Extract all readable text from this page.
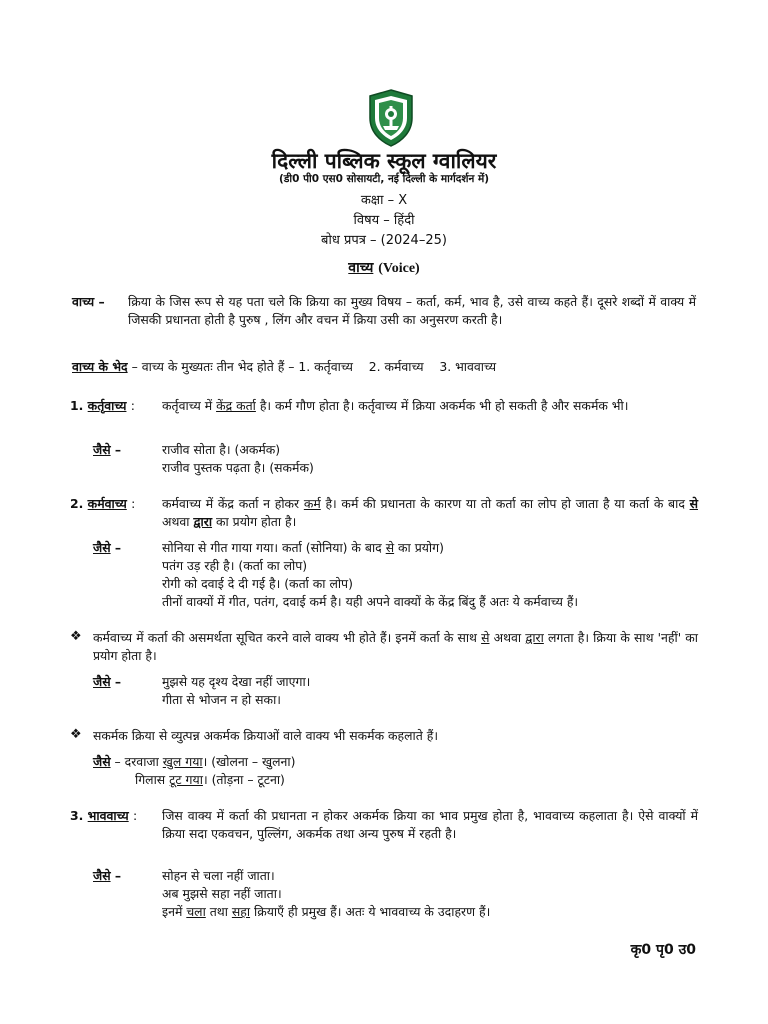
दिल्ली पब्लिक स्कूल ग्वालियर
(डी0 पी0 एस0 सोसायटी, नई दिल्ली के मार्गदर्शन में)
कक्षा – X
विषय – हिंदी
बोध प्रपत्र – (2024–25)
वाच्य (Voice)
वाच्य – क्रिया के जिस रूप से यह पता चले कि क्रिया का मुख्य विषय – कर्ता, कर्म, भाव है, उसे वाच्य कहते हैं। दूसरे शब्दों में वाक्य में जिसकी प्रधानता होती है पुरुष , लिंग और वचन में क्रिया उसी का अनुसरण करती है।
वाच्य के भेद – वाच्य के मुख्यतः तीन भेद होते हैं – 1. कर्तृवाच्य    2. कर्मवाच्य    3. भाववाच्य
1. कर्तृवाच्य : कर्तृवाच्य में केंद्र कर्ता है। कर्म गौण होता है। कर्तृवाच्य में क्रिया अकर्मक भी हो सकती है और सकर्मक भी।
जैसे –	राजीव सोता है। (अकर्मक)
राजीव पुस्तक पढ़ता है। (सकर्मक)
2. कर्मवाच्य : कर्मवाच्य में केंद्र कर्ता न होकर कर्म है। कर्म की प्रधानता के कारण या तो कर्ता का लोप हो जाता है या कर्ता के बाद से अथवा द्वारा का प्रयोग होता है।
जैसे –	सोनिया से गीत गाया गया। कर्ता (सोनिया) के बाद से का प्रयोग)
पतंग उड़ रही है। (कर्ता का लोप)
रोगी को दवाई दे दी गई है। (कर्ता का लोप)
तीनों वाक्यों में गीत, पतंग, दवाई कर्म है। यही अपने वाक्यों के केंद्र बिंदु हैं अतः ये कर्मवाच्य हैं।
❖ कर्मवाच्य में कर्ता की असमर्थता सूचित करने वाले वाक्य भी होते हैं। इनमें कर्ता के साथ से अथवा द्वारा लगता है। क्रिया के साथ 'नहीं' का प्रयोग होता है।
जैसे –	मुझसे यह दृश्य देखा नहीं जाएगा।
गीता से भोजन न हो सका।
❖ सकर्मक क्रिया से व्युत्पन्न अकर्मक क्रियाओं वाले वाक्य भी सकर्मक कहलाते हैं।
जैसे – दरवाजा खुल गया। (खोलना – खुलना)
गिलास टूट गया। (तोड़ना – टूटना)
3. भाववाच्य : जिस वाक्य में कर्ता की प्रधानता न होकर अकर्मक क्रिया का भाव प्रमुख होता है, भाववाच्य कहलाता है। ऐसे वाक्यों में क्रिया सदा एकवचन, पुल्लिंग, अकर्मक तथा अन्य पुरुष में रहती है।
जैसे –	सोहन से चला नहीं जाता।
अब मुझसे सहा नहीं जाता।
इनमें चला तथा सहा क्रियाएँ ही प्रमुख हैं। अतः ये भाववाच्य के उदाहरण हैं।
कृ0 पृ0 उ0
